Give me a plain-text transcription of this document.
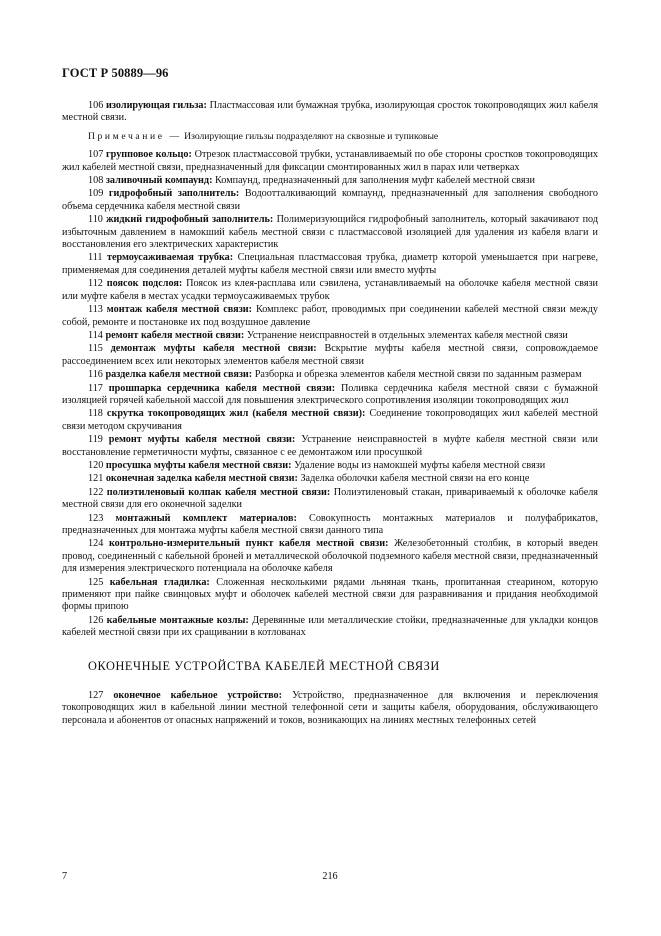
ГОСТ Р 50889—96

106 изолирующая гильза: Пластмассовая или бумажная трубка, изолирующая сросток токопроводящих жил кабеля местной связи.

Примечание — Изолирующие гильзы подразделяют на сквозные и тупиковые

107 групповое кольцо: Отрезок пластмассовой трубки, устанавливаемый по обе стороны сростков токопроводящих жил кабелей местной связи, предназначенный для фиксации смонтированных жил в парах или четверках

108 заливочный компаунд: Компаунд, предназначенный для заполнения муфт кабелей местной связи

109 гидрофобный заполнитель: Водоотталкивающий компаунд, предназначенный для заполнения свободного объема сердечника кабеля местной связи

110 жидкий гидрофобный заполнитель: Полимеризующийся гидрофобный заполнитель, который закачивают под избыточным давлением в намокший кабель местной связи с пластмассовой изоляцией для удаления из кабеля влаги и восстановления его электрических характеристик

111 термоусаживаемая трубка: Специальная пластмассовая трубка, диаметр которой уменьшается при нагреве, применяемая для соединения деталей муфты кабеля местной связи или вместо муфты

112 поясок подслоя: Поясок из клея-расплава или сэвилена, устанавливаемый на оболочке кабеля местной связи или муфте кабеля в местах усадки термоусаживаемых трубок

113 монтаж кабеля местной связи: Комплекс работ, проводимых при соединении кабелей местной связи между собой, ремонте и постановке их под воздушное давление

114 ремонт кабеля местной связи: Устранение неисправностей в отдельных элементах кабеля местной связи

115 демонтаж муфты кабеля местной связи: Вскрытие муфты кабеля местной связи, сопровождаемое рассоединением всех или некоторых элементов кабеля местной связи

116 разделка кабеля местной связи: Разборка и обрезка элементов кабеля местной связи по заданным размерам

117 прошпарка сердечника кабеля местной связи: Поливка сердечника кабеля местной связи с бумажной изоляцией горячей кабельной массой для повышения электрического сопротивления изоляции токопроводящих жил

118 скрутка токопроводящих жил (кабеля местной связи): Соединение токопроводящих жил кабелей местной связи методом скручивания

119 ремонт муфты кабеля местной связи: Устранение неисправностей в муфте кабеля местной связи или восстановление герметичности муфты, связанное с ее демонтажом или просушкой

120 просушка муфты кабеля местной связи: Удаление воды из намокшей муфты кабеля местной связи

121 оконечная заделка кабеля местной связи: Заделка оболочки кабеля местной связи на его конце

122 полиэтиленовый колпак кабеля местной связи: Полиэтиленовый стакан, привариваемый к оболочке кабеля местной связи для его оконечной заделки

123 монтажный комплект материалов: Совокупность монтажных материалов и полуфабрикатов, предназначенных для монтажа муфты кабеля местной связи данного типа

124 контрольно-измерительный пункт кабеля местной связи: Железобетонный столбик, в который введен провод, соединенный с кабельной броней и металлической оболочкой подземного кабеля местной связи, предназначенный для измерения электрического потенциала на оболочке кабеля

125 кабельная гладилка: Сложенная несколькими рядами льняная ткань, пропитанная стеарином, которую применяют при пайке свинцовых муфт и оболочек кабелей местной связи для разравнивания и придания необходимой формы припою

126 кабельные монтажные козлы: Деревянные или металлические стойки, предназначенные для укладки концов кабелей местной связи при их сращивании в котлованах

ОКОНЕЧНЫЕ УСТРОЙСТВА КАБЕЛЕЙ МЕСТНОЙ СВЯЗИ

127 оконечное кабельное устройство: Устройство, предназначенное для включения и переключения токопроводящих жил в кабельной линии местной телефонной сети и защиты кабеля, оборудования, обслуживающего персонала и абонентов от опасных напряжений и токов, возникающих на линиях местных телефонных сетей

7	216
